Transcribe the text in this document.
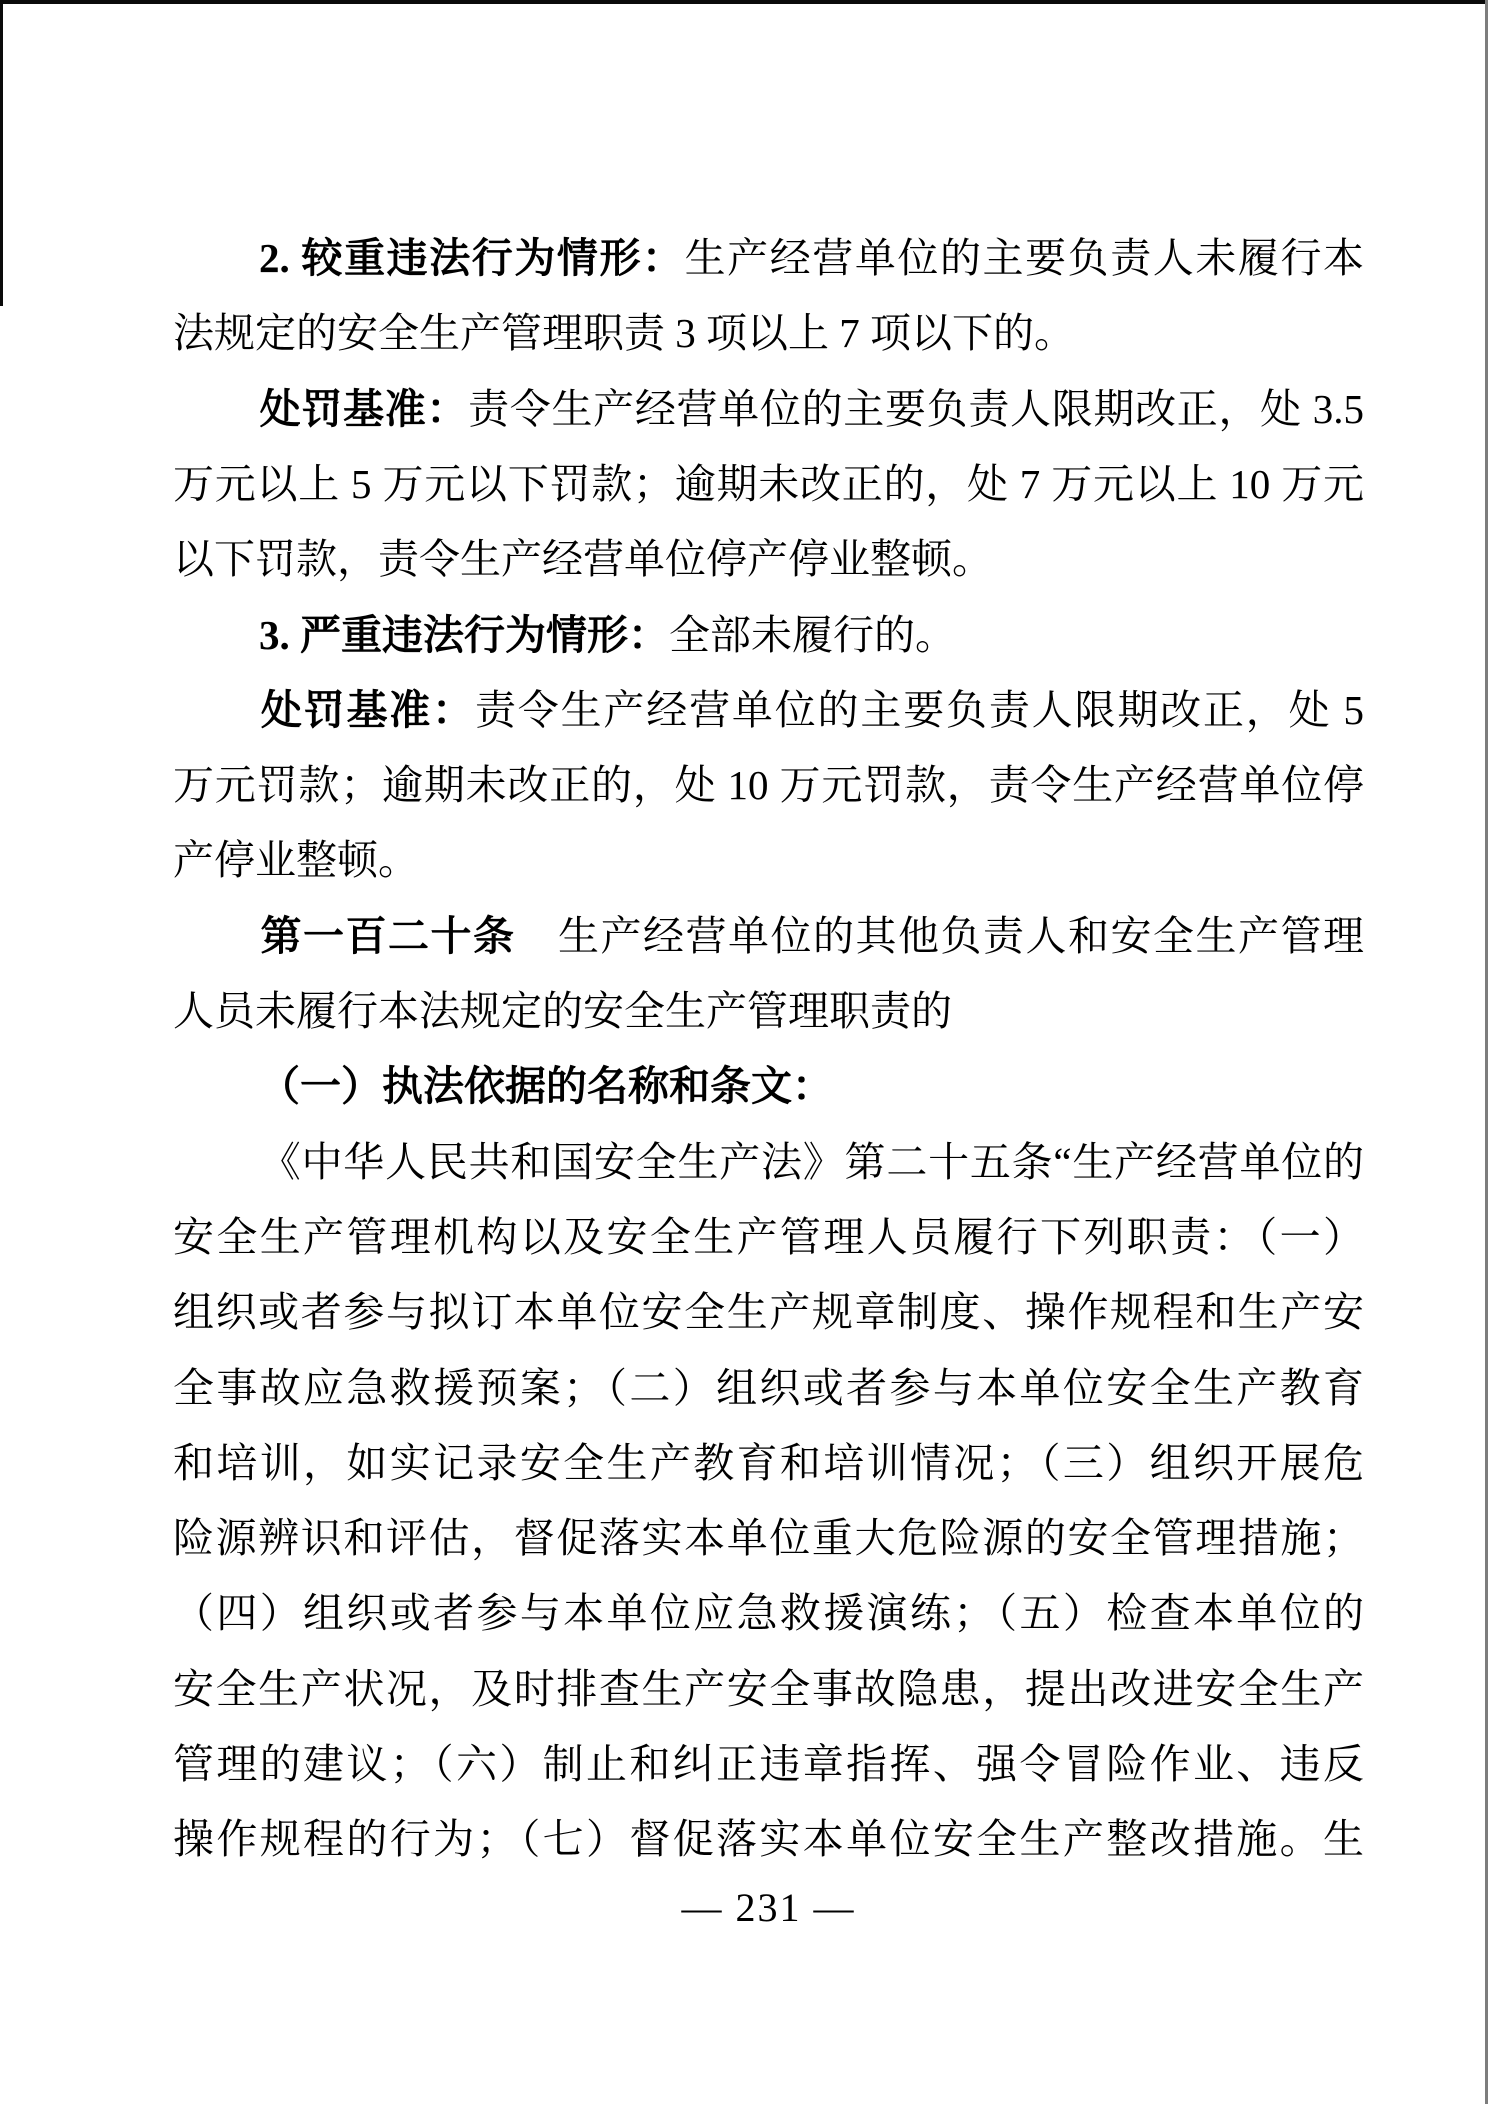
2. 较重违法行为情形：生产经营单位的主要负责人未履行本
法规定的安全生产管理职责 3 项以上 7 项以下的。
处罚基准：责令生产经营单位的主要负责人限期改正，处 3.5
万元以上 5 万元以下罚款；逾期未改正的，处 7 万元以上 10 万元
以下罚款，责令生产经营单位停产停业整顿。
3. 严重违法行为情形：全部未履行的。
处罚基准：责令生产经营单位的主要负责人限期改正，处 5
万元罚款；逾期未改正的，处 10 万元罚款，责令生产经营单位停
产停业整顿。
第一百二十条　生产经营单位的其他负责人和安全生产管理
人员未履行本法规定的安全生产管理职责的
（一）执法依据的名称和条文：
《中华人民共和国安全生产法》第二十五条“生产经营单位的
安全生产管理机构以及安全生产管理人员履行下列职责：（一）
组织或者参与拟订本单位安全生产规章制度、操作规程和生产安
全事故应急救援预案；（二）组织或者参与本单位安全生产教育
和培训，如实记录安全生产教育和培训情况；（三）组织开展危
险源辨识和评估，督促落实本单位重大危险源的安全管理措施；
（四）组织或者参与本单位应急救援演练；（五）检查本单位的
安全生产状况，及时排查生产安全事故隐患，提出改进安全生产
管理的建议；（六）制止和纠正违章指挥、强令冒险作业、违反
操作规程的行为；（七）督促落实本单位安全生产整改措施。生
— 231 —
